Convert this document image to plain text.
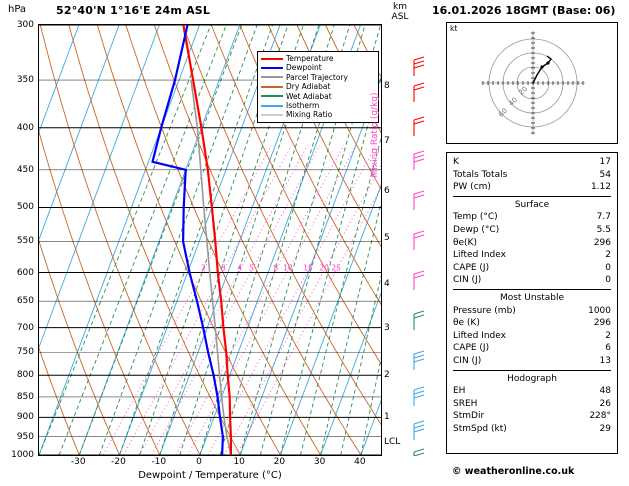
hPa	52°40'N 1°16'E 24m ASL	km
ASL
300
350
400
450
500
550
600
650
700
750
800
850
900
950
1000
1
2
3
4
5
6
7
8
2 3 4 5	8 10 15 20 25
Temperature
Dewpoint
Parcel Trajectory
Dry Adiabat
Wet Adiabat
Isotherm
Mixing Ratio	Mixing Ratio (g/kg)
LCL
-30	-20	-10	0	10	20	30	40
Dewpoint / Temperature (°C)
16.01.2026 18GMT (Base: 06)
kt
20
40
60
K	17
Totals Totals	54
PW (cm)	1.12
Surface
Temp (°C)	7.7
Dewp (°C)	5.5
θe(K)	296
Lifted Index	2
CAPE (J)	0
CIN (J)	0
Most Unstable
Pressure (mb)	1000
θe (K)	296
Lifted Index	2
CAPE (J)	6
CIN (J)	13
Hodograph
EH	48
SREH	26
StmDir	228°
StmSpd (kt)	29
© weatheronline.co.uk
